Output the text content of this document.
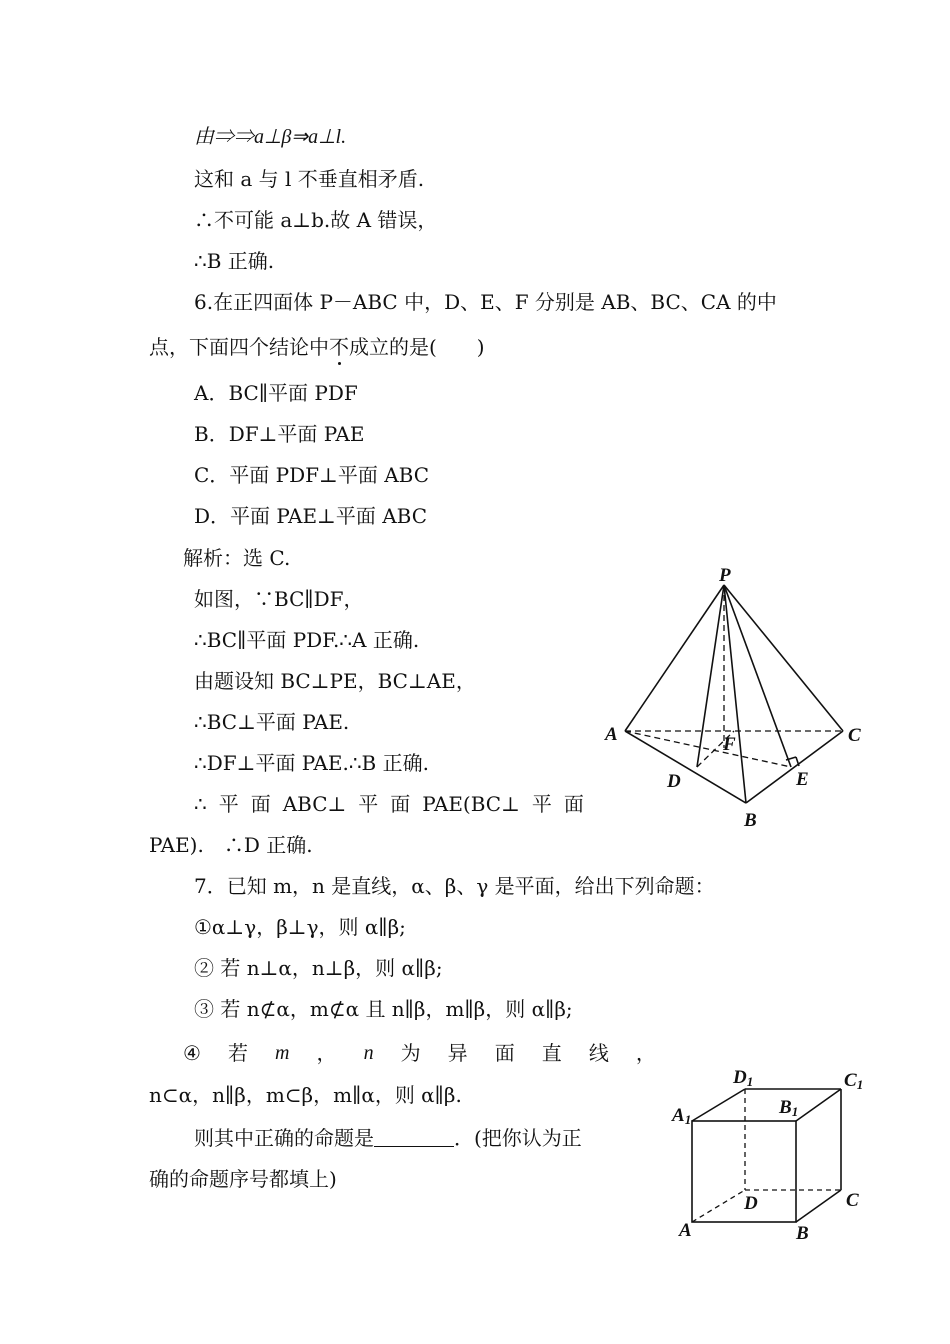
由⇒⇒a⊥β⇒a⊥l.
这和 a 与 l 不垂直相矛盾.
∴不可能 a⊥b.故 A 错误，
∴B 正确.
6.在正四面体 P－ABC 中，D、E、F 分别是 AB、BC、CA 的中
点，下面四个结论中不成立的是(　　)
A．BC∥平面 PDF
B．DF⊥平面 PAE
C．平面 PDF⊥平面 ABC
D．平面 PAE⊥平面 ABC
解析：选 C.
如图，∵BC∥DF，
∴BC∥平面 PDF.∴A 正确.
由题设知 BC⊥PE，BC⊥AE，
∴BC⊥平面 PAE.
∴DF⊥平面 PAE.∴B 正确.
∴ 平 面 ABC⊥ 平 面 PAE(BC⊥ 平 面
PAE).　∴D 正确.
P
A	C
F
D	E
B
7．已知 m，n 是直线，α、β、γ 是平面，给出下列命题：
①α⊥γ，β⊥γ，则 α∥β;
② 若 n⊥α，n⊥β，则 α∥β;
③ 若 n⊄α，m⊄α 且 n∥β，m∥β，则 α∥β;
④ 若 m ， n 为 异 面 直 线 ，
n⊂α，n∥β，m⊂β，m∥α，则 α∥β.
则其中正确的命题是	．(把你认为正
确的命题序号都填上)
D1	C1
A1
B1
D	C
A	B
